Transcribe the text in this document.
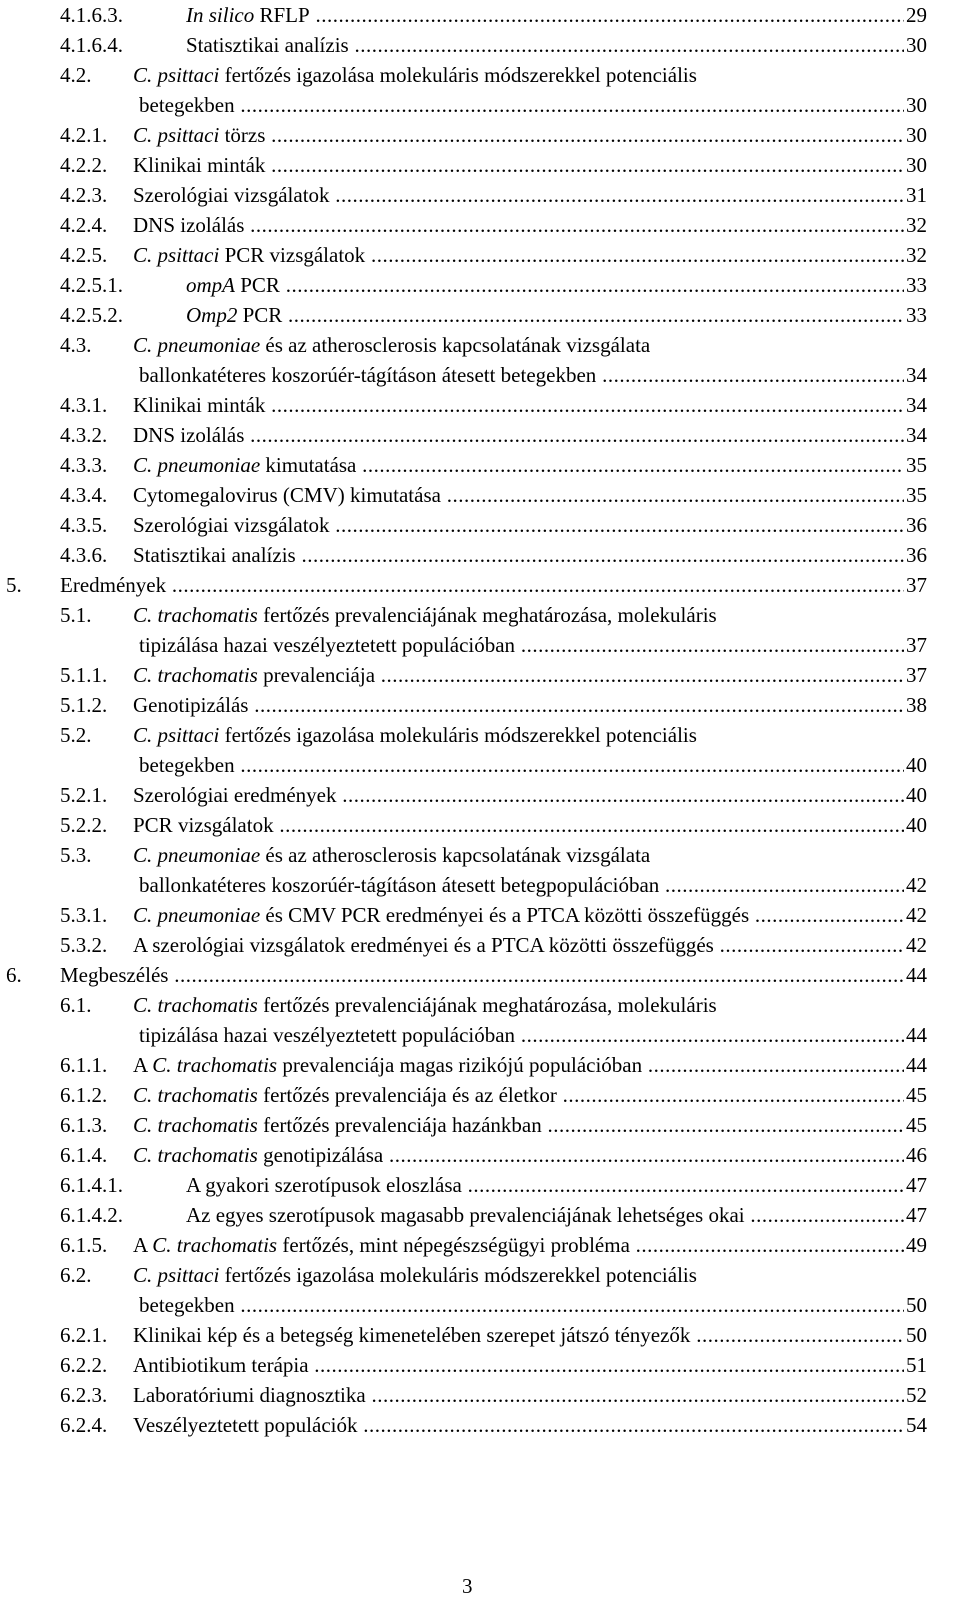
4.1.6.3.	In silico RFLP .....	29
4.1.6.4.	Statisztikai analízis .....	30
4.2. C. psittaci fertőzés igazolása molekuláris módszerekkel potenciális
betegekben .....	30
4.2.1. C. psittaci törzs .....	30
4.2.2. Klinikai minták .....	30
4.2.3. Szerológiai vizsgálatok .....	31
4.2.4. DNS izolálás .....	32
4.2.5. C. psittaci PCR vizsgálatok .....	32
4.2.5.1.	ompA PCR .....	33
4.2.5.2.	Omp2 PCR .....	33
4.3. C. pneumoniae és az atherosclerosis kapcsolatának vizsgálata
ballonkatéteres koszorúér-tágításon átesett betegekben .....	34
4.3.1. Klinikai minták .....	34
4.3.2. DNS izolálás .....	34
4.3.3. C. pneumoniae kimutatása .....	35
4.3.4. Cytomegalovirus (CMV) kimutatása .....	35
4.3.5. Szerológiai vizsgálatok .....	36
4.3.6. Statisztikai analízis .....	36
5. Eredmények .....	37
5.1. C. trachomatis fertőzés prevalenciájának meghatározása, molekuláris
tipizálása hazai veszélyeztetett populációban .....	37
5.1.1. C. trachomatis prevalenciája .....	37
5.1.2. Genotipizálás .....	38
5.2. C. psittaci fertőzés igazolása molekuláris módszerekkel potenciális
betegekben .....	40
5.2.1. Szerológiai eredmények .....	40
5.2.2. PCR vizsgálatok .....	40
5.3. C. pneumoniae és az atherosclerosis kapcsolatának vizsgálata
ballonkatéteres koszorúér-tágításon átesett betegpopulációban .....	42
5.3.1. C. pneumoniae és CMV PCR eredményei és a PTCA közötti összefüggés .....	42
5.3.2. A szerológiai vizsgálatok eredményei és a PTCA közötti összefüggés .....	42
6. Megbeszélés .....	44
6.1. C. trachomatis fertőzés prevalenciájának meghatározása, molekuláris
tipizálása hazai veszélyeztetett populációban .....	44
6.1.1. A C. trachomatis prevalenciája magas rizikójú populációban .....	44
6.1.2. C. trachomatis fertőzés prevalenciája és az életkor .....	45
6.1.3. C. trachomatis fertőzés prevalenciája hazánkban .....	45
6.1.4. C. trachomatis genotipizálása .....	46
6.1.4.1.	A gyakori szerotípusok eloszlása .....	47
6.1.4.2.	Az egyes szerotípusok magasabb prevalenciájának lehetséges okai .....	47
6.1.5. A C. trachomatis fertőzés, mint népegészségügyi probléma .....	49
6.2. C. psittaci fertőzés igazolása molekuláris módszerekkel potenciális
betegekben .....	50
6.2.1. Klinikai kép és a betegség kimenetelében szerepet játszó tényezők .....	50
6.2.2. Antibiotikum terápia .....	51
6.2.3. Laboratóriumi diagnosztika .....	52
6.2.4. Veszélyeztetett populációk .....	54
3
